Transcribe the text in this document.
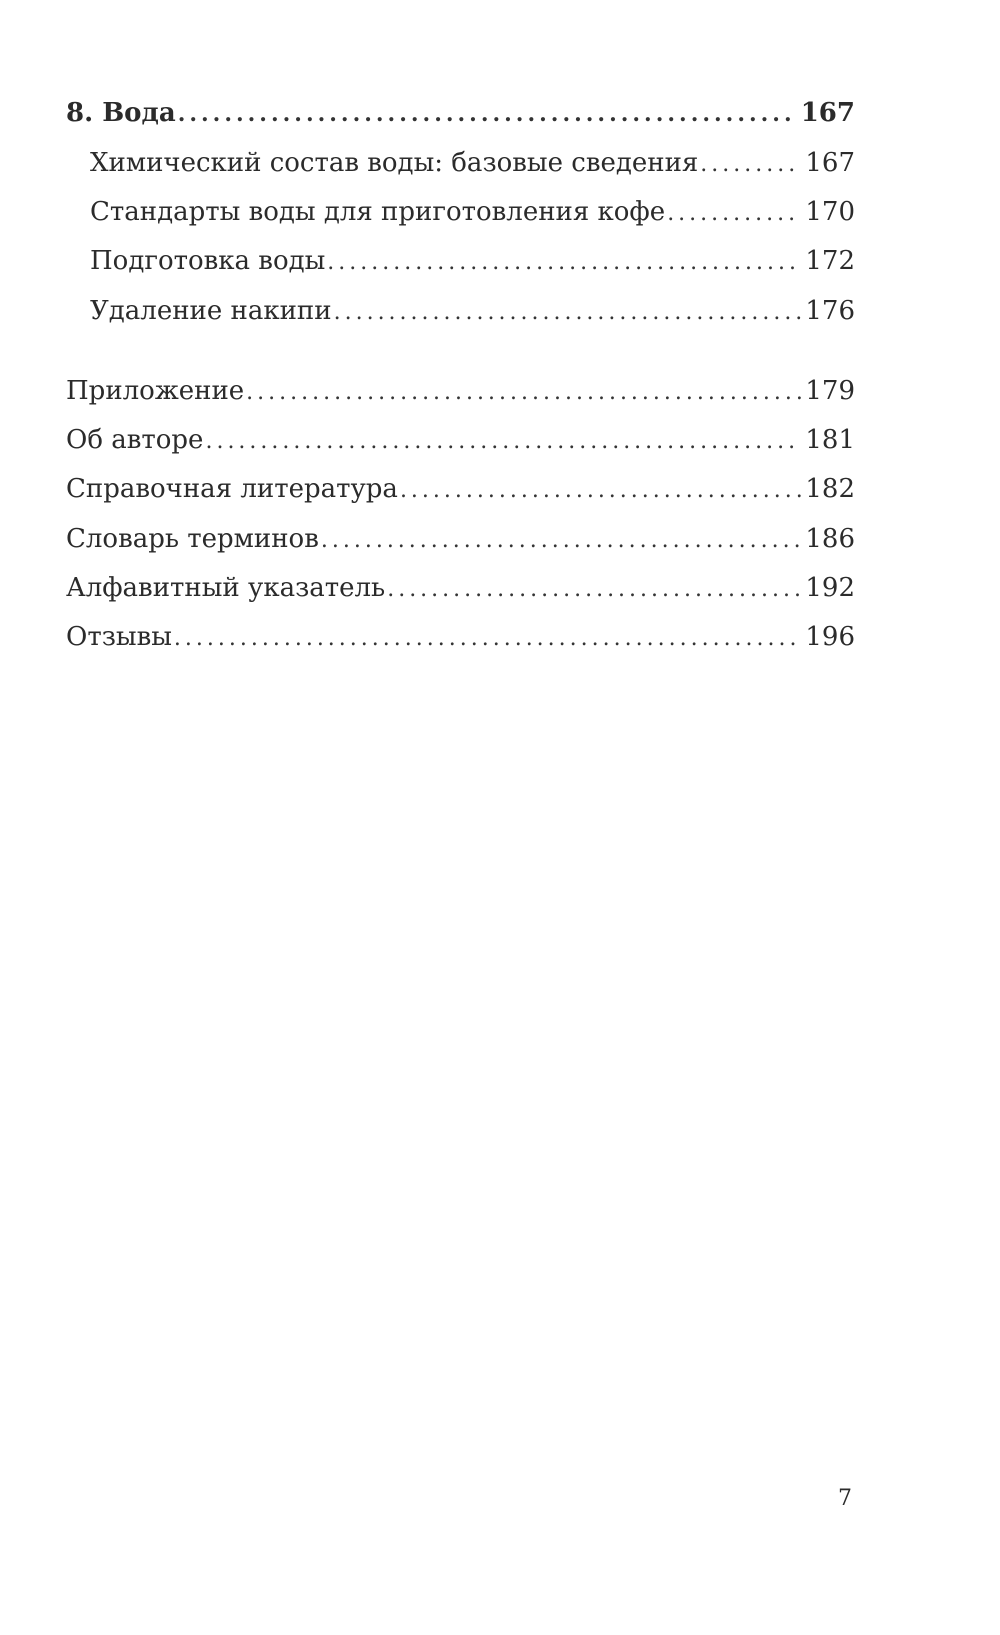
8. Вода .....	167
Химический состав воды: базовые сведения .....	167
Стандарты воды для приготовления кофе .....	170
Подготовка воды .....	172
Удаление накипи .....	176
Приложение .....	179
Об авторе .....	181
Справочная литература .....	182
Словарь терминов .....	186
Алфавитный указатель .....	192
Отзывы .....	196
7
